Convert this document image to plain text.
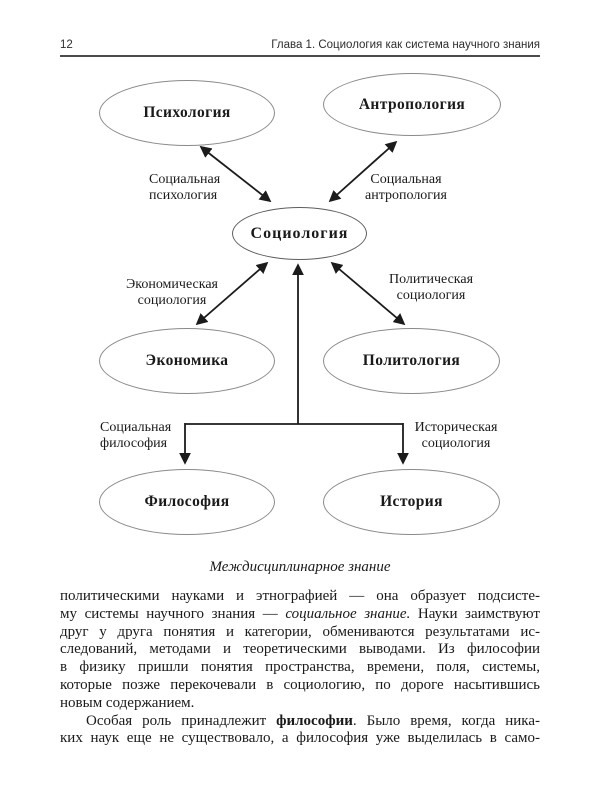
12	Глава 1. Социология как система научного знания
Психология	Антропология
Социология
Экономика	Политология
Философия	История
Социальная
психология
Социальная
антропология
Экономическая
социология
Политическая
социология
Социальная
философия
Историческая
социология
Междисциплинарное знание
политическими науками и этнографией — она образует подсисте-
му системы научного знания — социальное знание. Науки заимствуют
друг у друга понятия и категории, обмениваются результатами ис-
следований, методами и теоретическими выводами. Из философии
в физику пришли понятия пространства, времени, поля, системы,
которые позже перекочевали в социологию, по дороге насытившись
новым содержанием.
Особая роль принадлежит философии. Было время, когда ника-
ких наук еще не существовало, а философия уже выделилась в само-
